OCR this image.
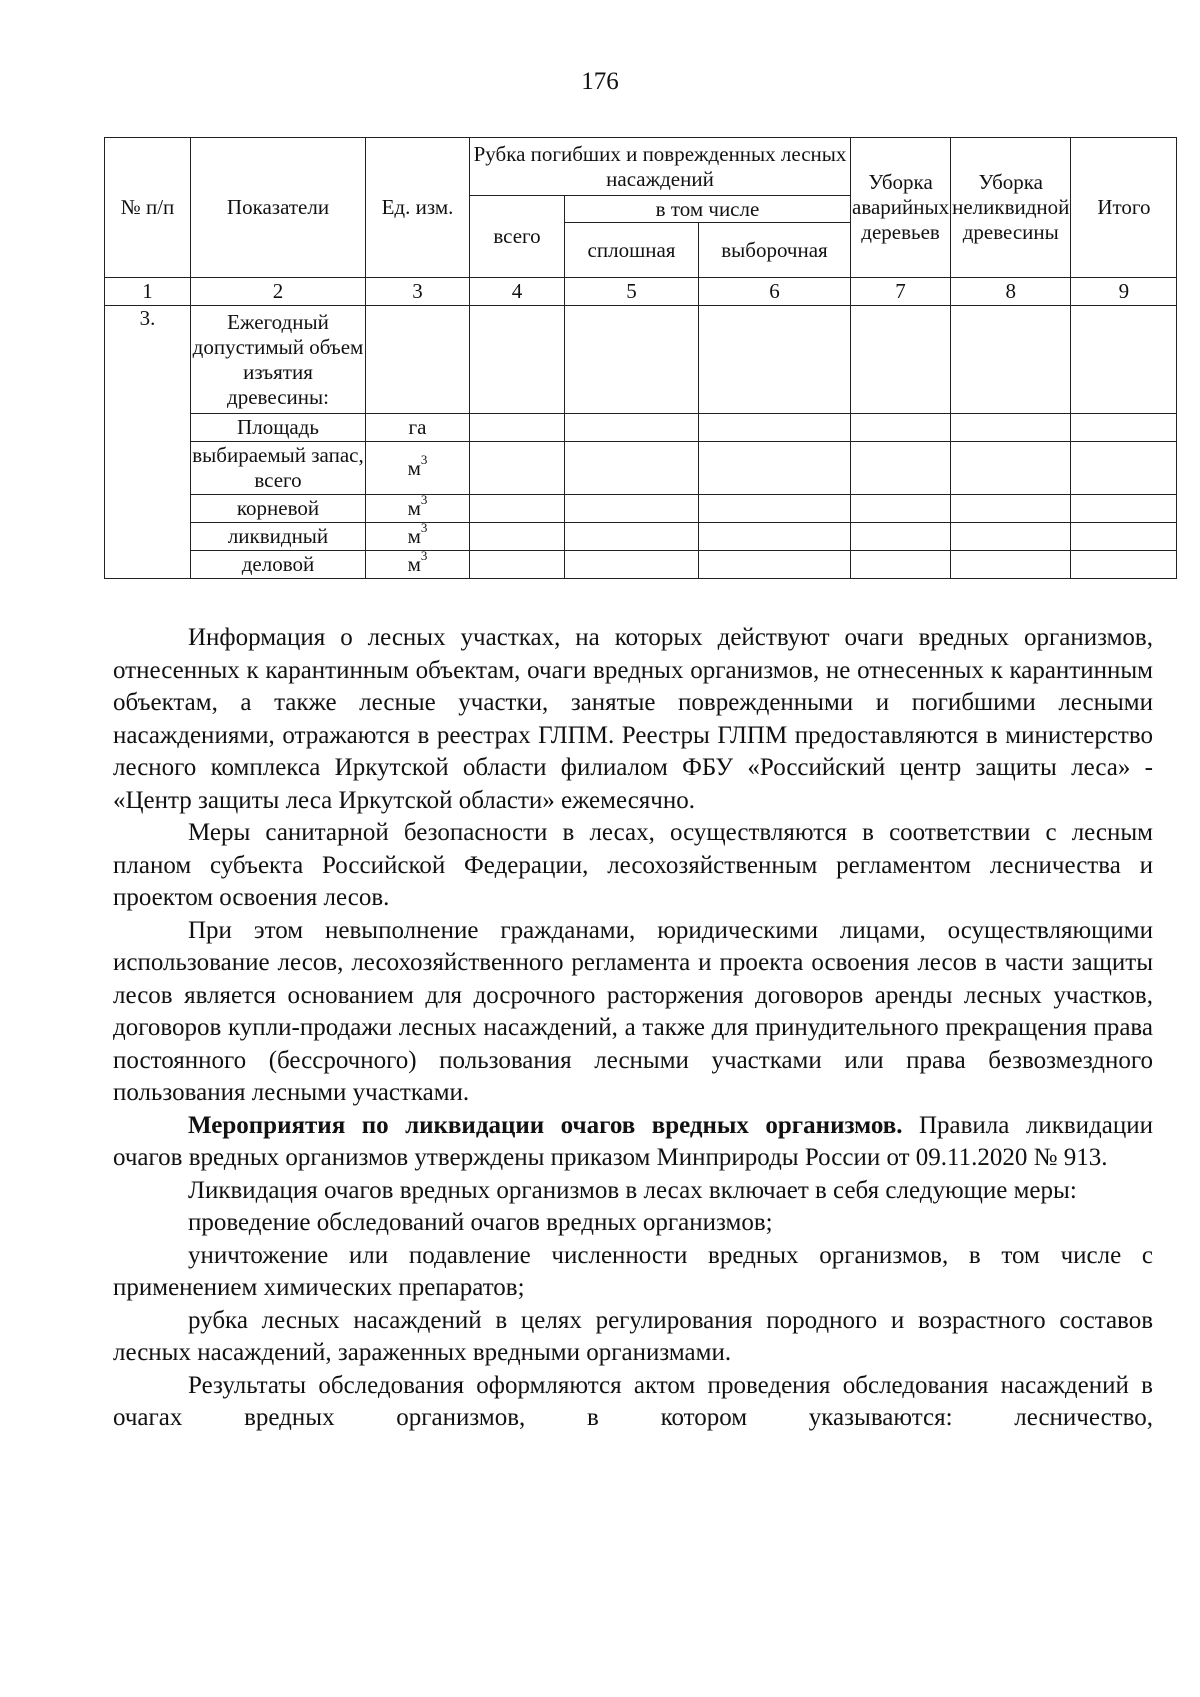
176
№ п/п	Показатели	Ед. изм.	Рубка погибших и поврежденных лесных насаждений			Уборка аварийных деревьев	Уборка неликвидной древесины	Итого
			всего	в том числе				
				сплошная	выборочная			
1	2	3	4	5	6	7	8	9
3.	Ежегодный допустимый объем изъятия древесины:							
	Площадь	га						
	выбираемый запас, всего	$м^3$						
	корневой	$м^3$						
	ликвидный	$м^3$						
	деловой	$м^3$						

Информация о лесных участках, на которых действуют очаги вредных организмов, отнесенных к карантинным объектам, очаги вредных организмов, не отнесенных к карантинным объектам, а также лесные участки, занятые поврежденными и погибшими лесными насаждениями, отражаются в реестрах ГЛПМ. Реестры ГЛПМ предоставляются в министерство лесного комплекса Иркутской области филиалом ФБУ «Российский центр защиты леса» - «Центр защиты леса Иркутской области» ежемесячно.

Меры санитарной безопасности в лесах, осуществляются в соответствии с лесным планом субъекта Российской Федерации, лесохозяйственным регламентом лесничества и проектом освоения лесов.

При этом невыполнение гражданами, юридическими лицами, осуществляющими использование лесов, лесохозяйственного регламента и проекта освоения лесов в части защиты лесов является основанием для досрочного расторжения договоров аренды лесных участков, договоров купли-продажи лесных насаждений, а также для принудительного прекращения права постоянного (бессрочного) пользования лесными участками или права безвозмездного пользования лесными участками.

Мероприятия по ликвидации очагов вредных организмов. Правила ликвидации очагов вредных организмов утверждены приказом Минприроды России от 09.11.2020 № 913.

Ликвидация очагов вредных организмов в лесах включает в себя следующие меры:

проведение обследований очагов вредных организмов;

уничтожение или подавление численности вредных организмов, в том числе с применением химических препаратов;

рубка лесных насаждений в целях регулирования породного и возрастного составов лесных насаждений, зараженных вредными организмами.

Результаты обследования оформляются актом проведения обследования насаждений в очагах вредных организмов, в котором указываются: лесничество,
